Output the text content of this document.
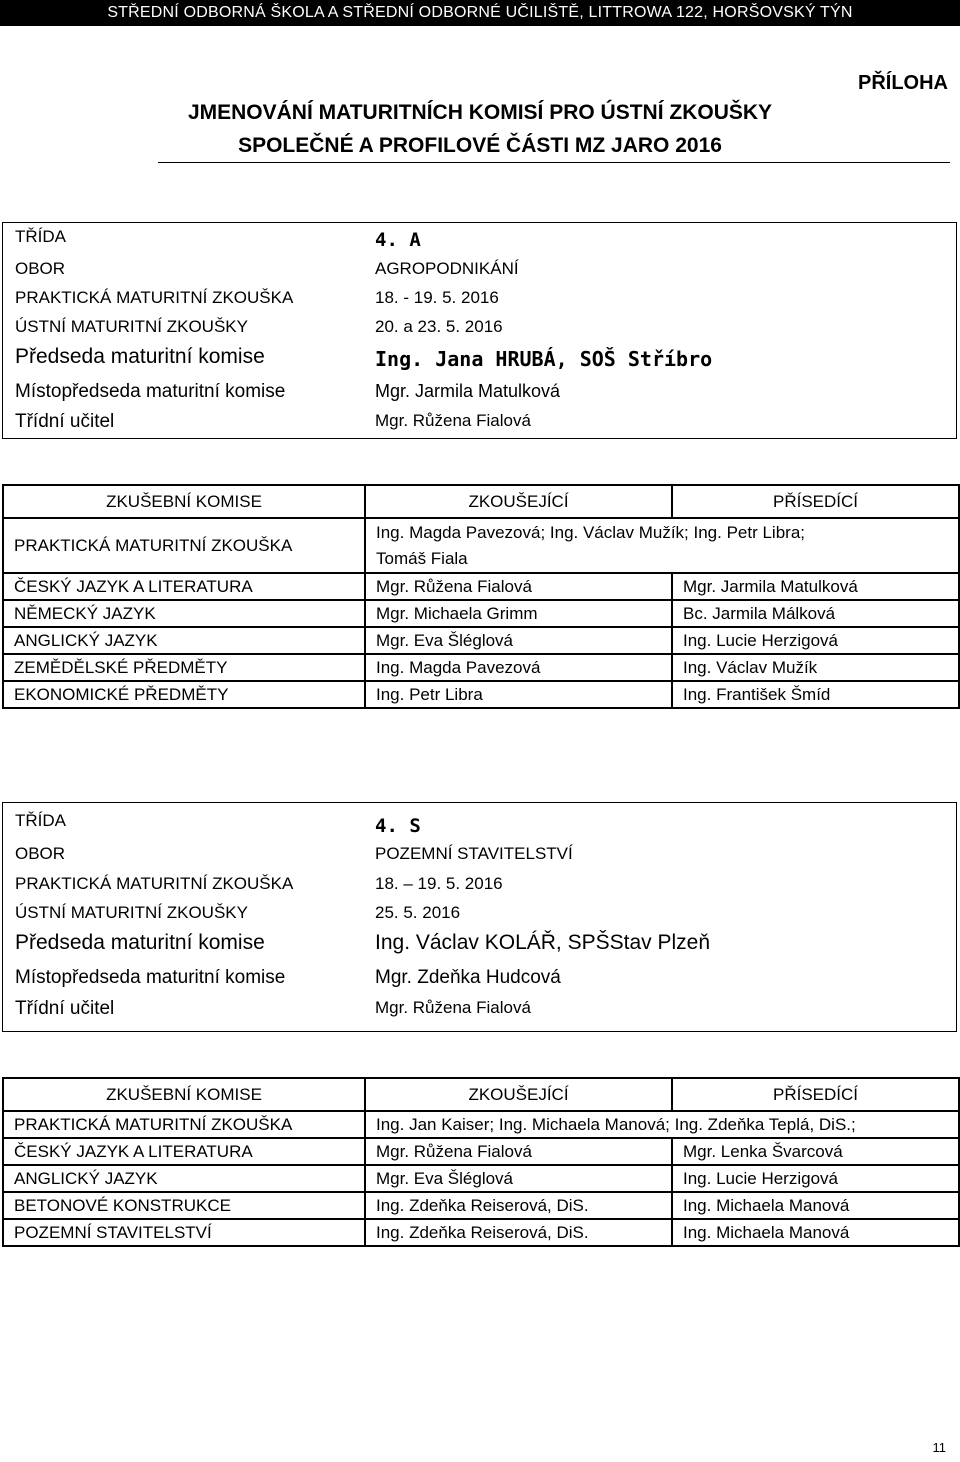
STŘEDNÍ ODBORNÁ ŠKOLA A STŘEDNÍ ODBORNÉ UČILIŠTĚ, LITTROWA 122, HORŠOVSKÝ TÝN
PŘÍLOHA
JMENOVÁNÍ MATURITNÍCH KOMISÍ PRO ÚSTNÍ ZKOUŠKY
SPOLEČNÉ A PROFILOVÉ ČÁSTI MZ JARO 2016
TŘÍDA	4. A
OBOR	AGROPODNIKÁNÍ
PRAKTICKÁ MATURITNÍ ZKOUŠKA	18. - 19. 5. 2016
ÚSTNÍ MATURITNÍ ZKOUŠKY	20. a 23. 5. 2016
Předseda maturitní komise	Ing. Jana HRUBÁ, SOŠ Stříbro
Místopředseda maturitní komise	Mgr. Jarmila Matulková
Třídní učitel	Mgr. Růžena Fialová
ZKUŠEBNÍ KOMISE	ZKOUŠEJÍCÍ	PŘÍSEDÍCÍ
PRAKTICKÁ MATURITNÍ ZKOUŠKA	Ing. Magda Pavezová; Ing. Václav Mužík; Ing. Petr Libra;
Tomáš Fiala	

ČESKÝ JAZYK A LITERATURA	Mgr. Růžena Fialová	Mgr. Jarmila Matulková
NĚMECKÝ JAZYK	Mgr. Michaela Grimm	Bc. Jarmila Málková
ANGLICKÝ JAZYK	Mgr. Eva Šléglová	Ing. Lucie Herzigová
ZEMĚDĚLSKÉ PŘEDMĚTY	Ing. Magda Pavezová	Ing. Václav Mužík
EKONOMICKÉ PŘEDMĚTY	Ing. Petr Libra	Ing. František Šmíd
TŘÍDA	4. S
OBOR	POZEMNÍ STAVITELSTVÍ
PRAKTICKÁ MATURITNÍ ZKOUŠKA	18. – 19. 5. 2016
ÚSTNÍ MATURITNÍ ZKOUŠKY	25. 5. 2016
Předseda maturitní komise	Ing. Václav KOLÁŘ, SPŠStav Plzeň
Místopředseda maturitní komise	Mgr. Zdeňka Hudcová
Třídní učitel	Mgr. Růžena Fialová
ZKUŠEBNÍ KOMISE	ZKOUŠEJÍCÍ	PŘÍSEDÍCÍ
PRAKTICKÁ MATURITNÍ ZKOUŠKA	Ing. Jan Kaiser; Ing. Michaela Manová; Ing. Zdeňka Teplá, DiS.;	
ČESKÝ JAZYK A LITERATURA	Mgr. Růžena Fialová	Mgr. Lenka Švarcová
ANGLICKÝ JAZYK	Mgr. Eva Šléglová	Ing. Lucie Herzigová
BETONOVÉ KONSTRUKCE	Ing. Zdeňka Reiserová, DiS.	Ing. Michaela Manová
POZEMNÍ STAVITELSTVÍ	Ing. Zdeňka Reiserová, DiS.	Ing. Michaela Manová
11
